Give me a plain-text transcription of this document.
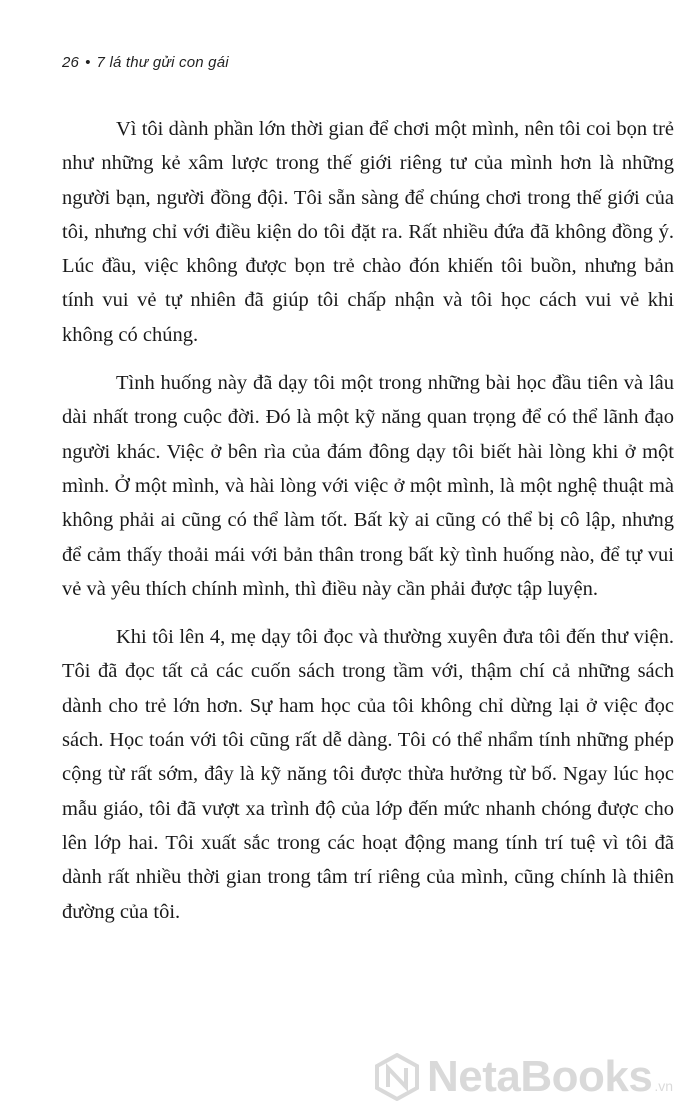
26 • 7 lá thư gửi con gái

Vì tôi dành phần lớn thời gian để chơi một mình, nên tôi coi bọn trẻ như những kẻ xâm lược trong thế giới riêng tư của mình hơn là những người bạn, người đồng đội. Tôi sẵn sàng để chúng chơi trong thế giới của tôi, nhưng chỉ với điều kiện do tôi đặt ra. Rất nhiều đứa đã không đồng ý. Lúc đầu, việc không được bọn trẻ chào đón khiến tôi buồn, nhưng bản tính vui vẻ tự nhiên đã giúp tôi chấp nhận và tôi học cách vui vẻ khi không có chúng.

Tình huống này đã dạy tôi một trong những bài học đầu tiên và lâu dài nhất trong cuộc đời. Đó là một kỹ năng quan trọng để có thể lãnh đạo người khác. Việc ở bên rìa của đám đông dạy tôi biết hài lòng khi ở một mình. Ở một mình, và hài lòng với việc ở một mình, là một nghệ thuật mà không phải ai cũng có thể làm tốt. Bất kỳ ai cũng có thể bị cô lập, nhưng để cảm thấy thoải mái với bản thân trong bất kỳ tình huống nào, để tự vui vẻ và yêu thích chính mình, thì điều này cần phải được tập luyện.

Khi tôi lên 4, mẹ dạy tôi đọc và thường xuyên đưa tôi đến thư viện. Tôi đã đọc tất cả các cuốn sách trong tầm với, thậm chí cả những sách dành cho trẻ lớn hơn. Sự ham học của tôi không chỉ dừng lại ở việc đọc sách. Học toán với tôi cũng rất dễ dàng. Tôi có thể nhẩm tính những phép cộng từ rất sớm, đây là kỹ năng tôi được thừa hưởng từ bố. Ngay lúc học mẫu giáo, tôi đã vượt xa trình độ của lớp đến mức nhanh chóng được cho lên lớp hai. Tôi xuất sắc trong các hoạt động mang tính trí tuệ vì tôi đã dành rất nhiều thời gian trong tâm trí riêng của mình, cũng chính là thiên đường của tôi.

NetaBooks .vn
